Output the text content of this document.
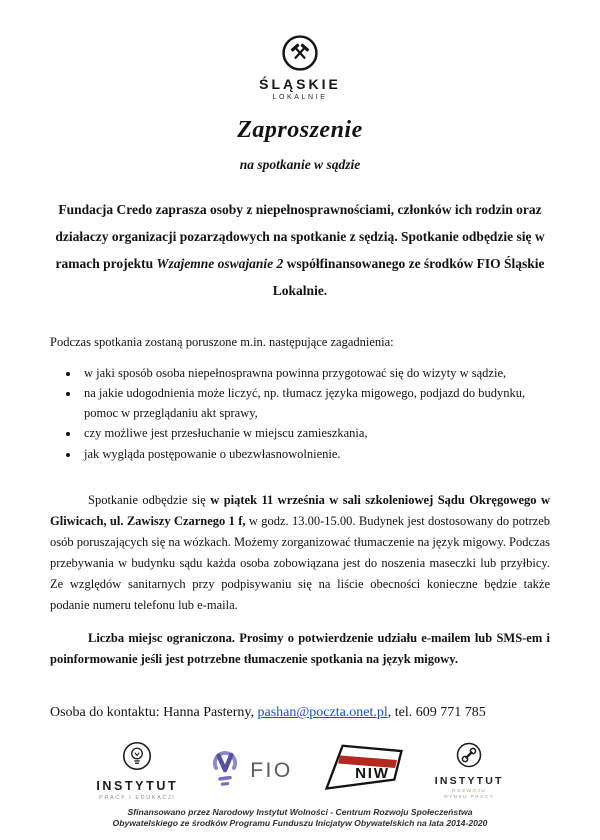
ŚLĄSKIE
LOKALNIE
Zaproszenie
na spotkanie w sądzie

Fundacja Credo zaprasza osoby z niepełnosprawnościami, członków ich rodzin oraz działaczy organizacji pozarządowych na spotkanie z sędzią. Spotkanie odbędzie się w ramach projektu Wzajemne oswajanie 2 współfinansowanego ze środków FIO Śląskie Lokalnie.

Podczas spotkania zostaną poruszone m.in. następujące zagadnienia:

• w jaki sposób osoba niepełnosprawna powinna przygotować się do wizyty w sądzie,
• na jakie udogodnienia może liczyć, np. tłumacz języka migowego, podjazd do budynku, pomoc w przeglądaniu akt sprawy,
• czy możliwe jest przesłuchanie w miejscu zamieszkania,
• jak wygląda postępowanie o ubezwłasnowolnienie.

Spotkanie odbędzie się w piątek 11 września w sali szkoleniowej Sądu Okręgowego w Gliwicach, ul. Zawiszy Czarnego 1 f, w godz. 13.00-15.00. Budynek jest dostosowany do potrzeb osób poruszających się na wózkach. Możemy zorganizować tłumaczenie na język migowy. Podczas przebywania w budynku sądu każda osoba zobowiązana jest do noszenia maseczki lub przyłbicy. Ze względów sanitarnych przy podpisywaniu się na liście obecności konieczne będzie także podanie numeru telefonu lub e-maila.

Liczba miejsc ograniczona. Prosimy o potwierdzenie udziału e-mailem lub SMS-em i poinformowanie jeśli jest potrzebne tłumaczenie spotkania na język migowy.

Osoba do kontaktu: Hanna Pasterny, pashan@poczta.onet.pl, tel. 609 771 785

INSTYTUT
PRACY I EDUKACJI
FIO	NIW	INSTYTUT
ROZWOJU
RYNKU PRACY
Sfinansowano przez Narodowy Instytut Wolności - Centrum Rozwoju Społeczeństwa
Obywatelskiego ze środków Programu Funduszu Inicjatyw Obywatelskich na lata 2014-2020
